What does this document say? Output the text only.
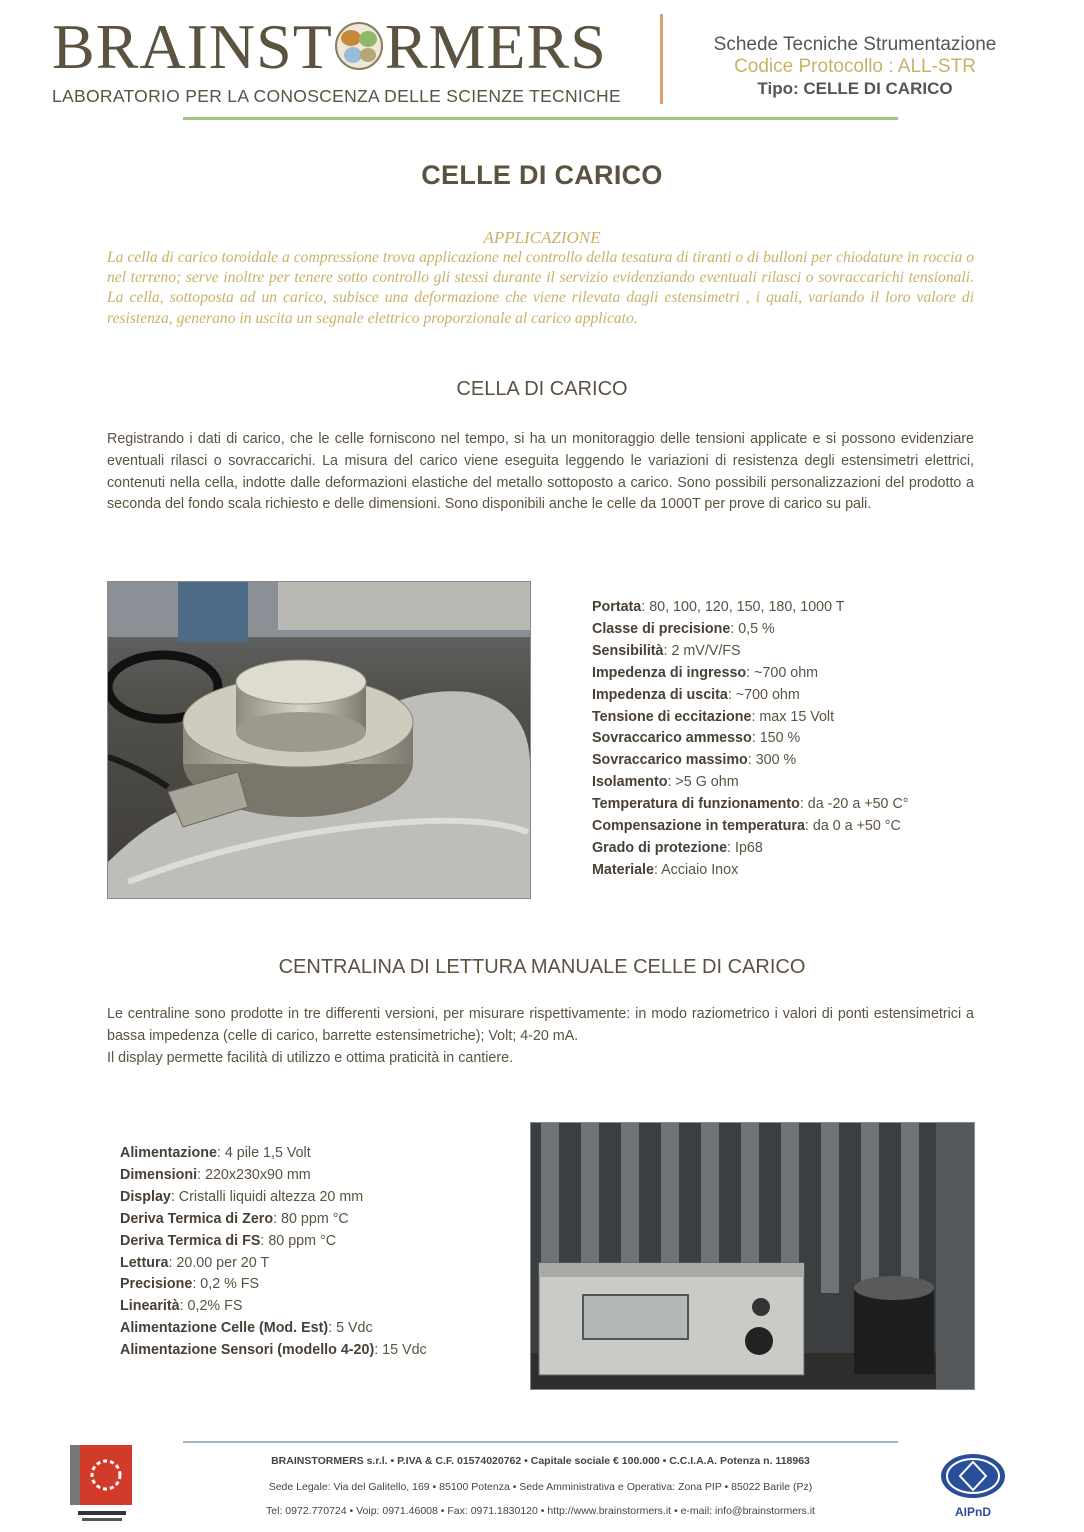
BRAINST RMERS
LABORATORIO PER LA CONOSCENZA DELLE SCIENZE TECNICHE
Schede Tecniche Strumentazione
Codice Protocollo : ALL-STR
Tipo: CELLE DI CARICO
CELLE DI CARICO
APPLICAZIONE
La cella di carico toroidale a compressione trova applicazione nel controllo della tesatura di tiranti o di bulloni per chiodature in roccia o nel terreno; serve inoltre per tenere sotto controllo gli stessi durante il servizio evidenziando eventuali rilasci o sovraccarichi tensionali. La cella, sottoposta ad un carico, subisce una deformazione che viene rilevata dagli estensimetri , i quali, variando il loro valore di resistenza, generano in uscita un segnale elettrico proporzionale al carico applicato.
CELLA DI CARICO
Registrando i dati di carico, che le celle forniscono nel tempo, si ha un monitoraggio delle tensioni applicate e si possono evidenziare eventuali rilasci o sovraccarichi. La misura del carico viene eseguita leggendo le variazioni di resistenza degli estensimetri elettrici, contenuti nella cella, indotte dalle deformazioni elastiche del metallo sottoposto a carico. Sono possibili personalizzazioni del prodotto a seconda del fondo scala richiesto e delle dimensioni. Sono disponibili anche le celle da 1000T per prove di carico su pali.
Portata: 80, 100, 120, 150, 180, 1000 T
Classe di precisione: 0,5 %
Sensibilità: 2 mV/V/FS
Impedenza di ingresso: ~700 ohm
Impedenza di uscita: ~700 ohm
Tensione di eccitazione: max 15 Volt
Sovraccarico ammesso: 150 %
Sovraccarico massimo: 300 %
Isolamento: >5 G ohm
Temperatura di funzionamento: da -20 a +50 C°
Compensazione in temperatura: da 0 a +50 °C
Grado di protezione: Ip68
Materiale: Acciaio Inox
CENTRALINA DI LETTURA MANUALE CELLE DI CARICO
Le centraline sono prodotte in tre differenti versioni, per misurare rispettivamente: in modo raziometrico i valori di ponti estensimetrici a bassa impedenza (celle di carico, barrette estensimetriche); Volt; 4-20 mA.
Il display permette facilità di utilizzo e ottima praticità in cantiere.
Alimentazione: 4 pile 1,5 Volt
Dimensioni: 220x230x90 mm
Display: Cristalli liquidi altezza 20 mm
Deriva Termica di Zero: 80 ppm °C
Deriva Termica di FS: 80 ppm °C
Lettura: 20.00 per 20 T
Precisione: 0,2 % FS
Linearità: 0,2% FS
Alimentazione Celle (Mod. Est): 5 Vdc
Alimentazione Sensori (modello 4-20): 15 Vdc
BRAINSTORMERS s.r.l. • P.IVA & C.F. 01574020762 • Capitale sociale € 100.000 • C.C.I.A.A. Potenza n. 118963
Sede Legale: Via del Galitello, 169 • 85100 Potenza • Sede Amministrativa e Operativa: Zona PIP • 85022 Barile (Pz)
Tel: 0972.770724 • Voip: 0971.46008 • Fax: 0971.1830120 • http://www.brainstormers.it • e-mail: info@brainstormers.it	AIPnD
